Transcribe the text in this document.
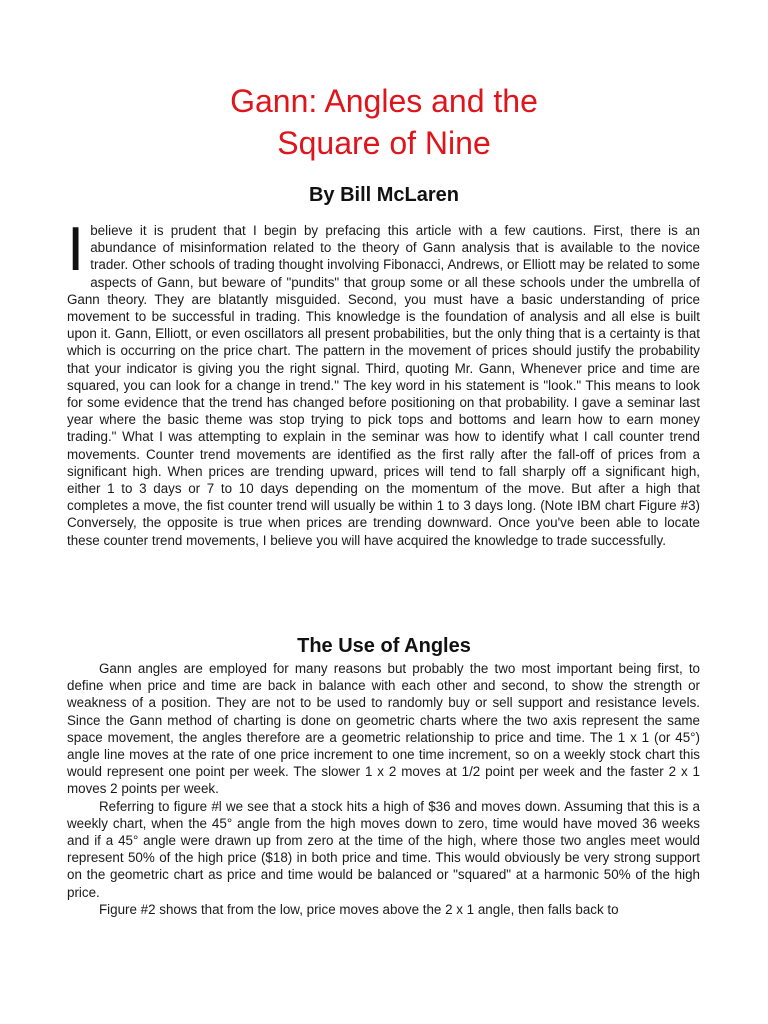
Gann: Angles and the
Square of Nine
By Bill McLaren

Ibelieve it is prudent that I begin by prefacing this article with a few cautions. First, there is an abundance of misinformation related to the theory of Gann analysis that is available to the novice trader. Other schools of trading thought involving Fibonacci, Andrews, or Elliott may be related to some aspects of Gann, but beware of "pundits" that group some or all these schools under the umbrella of Gann theory. They are blatantly misguided. Second, you must have a basic understanding of price movement to be successful in trading. This knowledge is the foundation of analysis and all else is built upon it. Gann, Elliott, or even oscillators all present probabilities, but the only thing that is a certainty is that which is occurring on the price chart. The pattern in the movement of prices should justify the probability that your indicator is giving you the right signal. Third, quoting Mr. Gann, Whenever price and time are squared, you can look for a change in trend." The key word in his statement is "look." This means to look for some evidence that the trend has changed before positioning on that probability. I gave a seminar last year where the basic theme was stop trying to pick tops and bottoms and learn how to earn money trading." What I was attempting to explain in the seminar was how to identify what I call counter trend movements. Counter trend movements are identified as the first rally after the fall-off of prices from a significant high. When prices are trending upward, prices will tend to fall sharply off a significant high, either 1 to 3 days or 7 to 10 days depending on the momentum of the move. But after a high that completes a move, the fist counter trend will usually be within 1 to 3 days long. (Note IBM chart Figure #3) Conversely, the opposite is true when prices are trending downward. Once you've been able to locate these counter trend movements, I believe you will have acquired the knowledge to trade successfully.

The Use of Angles

Gann angles are employed for many reasons but probably the two most important being first, to define when price and time are back in balance with each other and second, to show the strength or weakness of a position. They are not to be used to randomly buy or sell support and resistance levels. Since the Gann method of charting is done on geometric charts where the two axis represent the same space movement, the angles therefore are a geometric relationship to price and time. The 1 x 1 (or 45°) angle line moves at the rate of one price increment to one time increment, so on a weekly stock chart this would represent one point per week. The slower 1 x 2 moves at 1/2 point per week and the faster 2 x 1 moves 2 points per week.

Referring to figure #l we see that a stock hits a high of $36 and moves down. Assuming that this is a weekly chart, when the 45° angle from the high moves down to zero, time would have moved 36 weeks and if a 45° angle were drawn up from zero at the time of the high, where those two angles meet would represent 50% of the high price ($18) in both price and time. This would obviously be very strong support on the geometric chart as price and time would be balanced or "squared" at a harmonic 50% of the high price.

Figure #2 shows that from the low, price moves above the 2 x 1 angle, then falls back to
